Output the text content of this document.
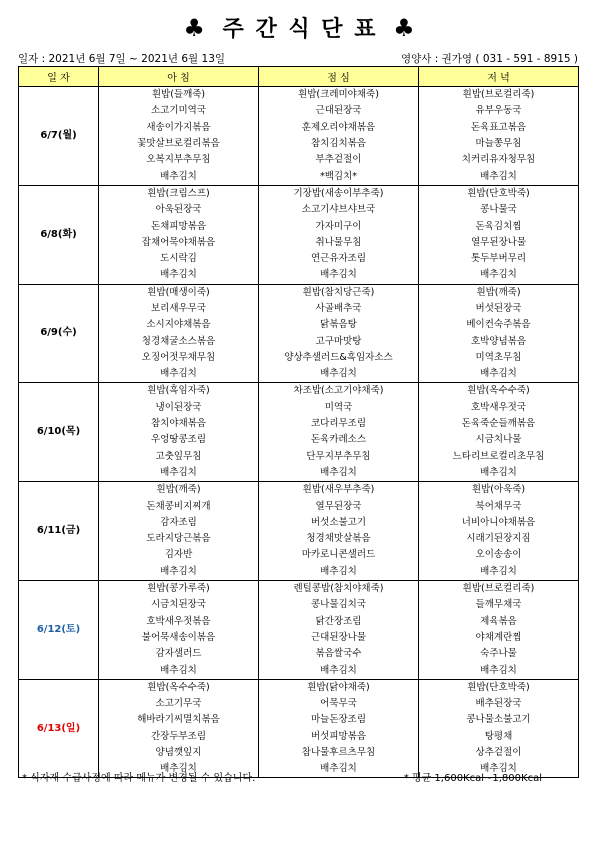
♣ 주 간 식 단 표 ♣
일자 : 2021년 6월 7일 ~ 2021년 6월 13일	영양사 : 권가영 ( 031 - 591 - 8915 )
일 자	아 침	점 심	저 녁
6/7(월)	흰밥(들깨죽)	흰밥(크레미야채죽)	흰밥(브로컬리죽)
	소고기미역국	근대된장국	유부우동국
	새송이가지볶음	훈제오리야채볶음	돈육표고볶음
	꽃맛살브로컬리볶음	참치김치볶음	마늘쫑무침
	오복지부추무침	부추겉절이	치커리유자청무침
	배추김치	*백김치*	배추김치
6/8(화)	흰밥(크림스프)	기장밥(새송이부추죽)	흰밥(단호박죽)
	아욱된장국	소고기샤브샤브국	콩나물국
	돈채피망볶음	가자미구이	돈육김치찜
	잡채어묵야채볶음	취나물무침	열무된장나물
	도시락김	연근유자조림	톳두부버무리
	배추김치	배추김치	배추김치
6/9(수)	흰밥(매생이죽)	흰밥(참치당근죽)	흰밥(깨죽)
	보리새우무국	사골배추국	버섯된장국
	소시지야채볶음	닭볶음탕	베이컨숙주볶음
	청경채굴소스볶음	고구마맛탕	호박양념볶음
	오징어젓무채무침	양상추샐러드&흑임자소스	미역초무침
	배추김치	배추김치	배추김치
6/10(목)	흰밥(흑임자죽)	차조밥(소고기야채죽)	흰밥(옥수수죽)
	냉이된장국	미역국	호박새우젓국
	참치야채볶음	코다리무조림	돈육죽순들깨볶음
	우엉땅콩조림	돈육카레소스	시금치나물
	고춧잎무침	단무지부추무침	느타리브로컬리초무침
	배추김치	배추김치	배추김치
6/11(금)	흰밥(깨죽)	흰밥(새우부추죽)	흰밥(아욱죽)
	돈채콩비지찌개	열무된장국	북어채무국
	감자조림	버섯소불고기	너비아니야채볶음
	도라지당근볶음	청경채맛살볶음	시래기된장지짐
	김자반	마카로니콘샐러드	오이송송이
	배추김치	배추김치	배추김치
6/12(토)	흰밥(콩가루죽)	렌틸콩밥(참치야채죽)	흰밥(브로컬리죽)
	시금치된장국	콩나물김치국	들깨무채국
	호박새우젓볶음	닭간장조림	제육볶음
	불어묵새송이볶음	근대된장나물	야채계란찜
	감자샐러드	볶음쌀국수	숙주나물
	배추김치	배추김치	배추김치
6/13(일)	흰밥(옥수수죽)	흰밥(닭야채죽)	흰밥(단호박죽)
	소고기무국	어묵무국	배추된장국
	해바라기씨멸치볶음	마늘돈장조림	콩나물소불고기
	간장두부조림	버섯피망볶음	탕평채
	양념깻잎지	참나물후르츠무침	상추겉절이
	배추김치	배추김치	배추김치
* 식자재 수급사정에 따라 메뉴가 변경될 수 있습니다.	* 평균 1,600Kcal~1,800Kcal
